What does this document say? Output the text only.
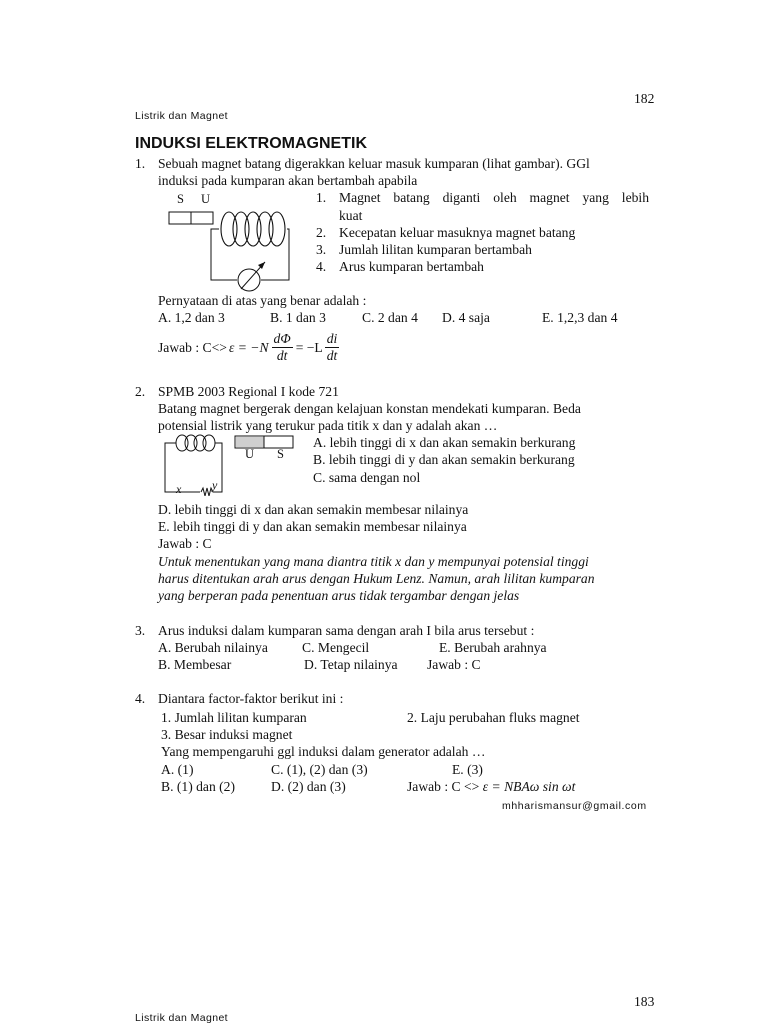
182
Listrik dan Magnet
INDUKSI ELEKTROMAGNETIK
1. Sebuah magnet batang digerakkan keluar masuk kumparan (lihat gambar). GGl
induksi pada kumparan akan bertambah apabila
S U	1. Magnet batang diganti oleh magnet yang lebih
kuat
2. Kecepatan keluar masuknya magnet batang
3. Jumlah lilitan kumparan bertambah
4. Arus kumparan bertambah
Pernyataan di atas yang benar adalah :
A. 1,2 dan 3	B. 1 dan 3	C. 2 dan 4 D. 4 saja	E. 1,2,3 dan 4
Jawab : $C<> \varepsilon = -N \frac{d\Phi}{dt} = -L \frac{di}{dt}$
2. SPMB 2003 Regional I kode 721
Batang magnet bergerak dengan kelajuan konstan mendekati kumparan. Beda
potensial listrik yang terukur pada titik x dan y adalah akan …
U S
x	y
A. lebih tinggi di x dan akan semakin berkurang
B. lebih tinggi di y dan akan semakin berkurang
C. sama dengan nol
D. lebih tinggi di x dan akan semakin membesar nilainya
E. lebih tinggi di y dan akan semakin membesar nilainya
Jawab : C
Untuk menentukan yang mana diantra titik x dan y mempunyai potensial tinggi
harus ditentukan arah arus dengan Hukum Lenz. Namun, arah lilitan kumparan
yang berperan pada penentuan arus tidak tergambar dengan jelas
3. Arus induksi dalam kumparan sama dengan arah I bila arus tersebut :
A. Berubah nilainya	C. Mengecil	E. Berubah arahnya
B. Membesar	D. Tetap nilainya Jawab : C
4. Diantara factor-faktor berikut ini :
1. Jumlah lilitan kumparan	2. Laju perubahan fluks magnet
3. Besar induksi magnet
Yang mempengaruhi ggl induksi dalam generator adalah …
A. (1)	C. (1), (2) dan (3)	E. (3)
B. (1) dan (2)	D. (2) dan (3)	Jawab : C <> ε = NBAω sin ωt
mhharismansur@gmail.com
183
Listrik dan Magnet
